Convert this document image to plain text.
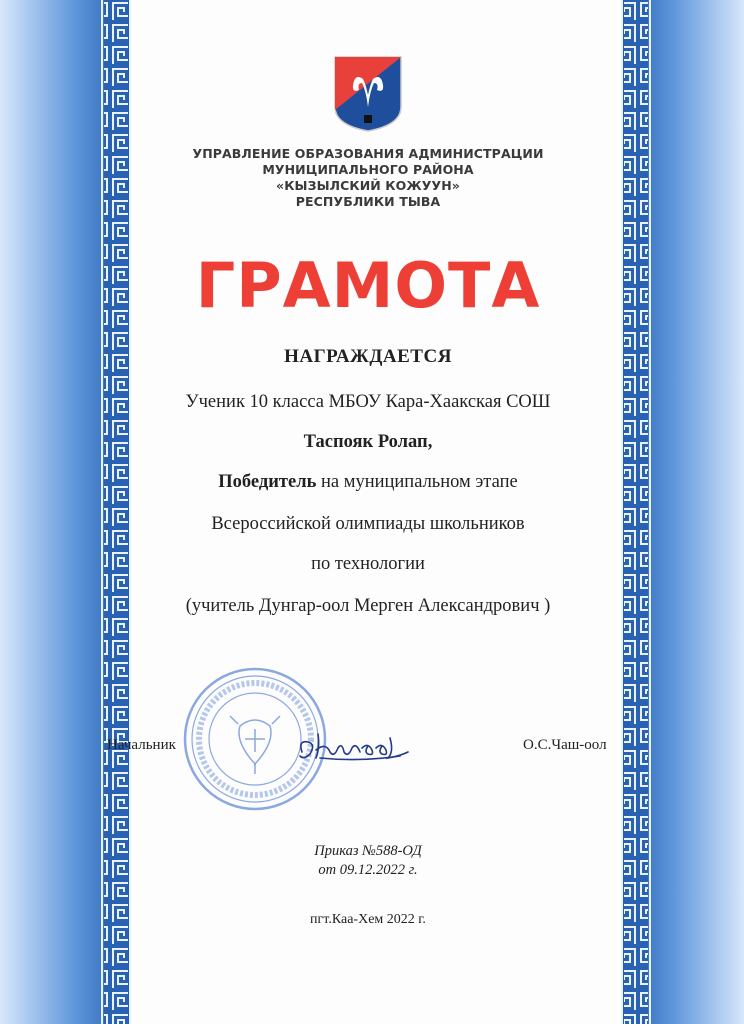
УПРАВЛЕНИЕ ОБРАЗОВАНИЯ АДМИНИСТРАЦИИ
МУНИЦИПАЛЬНОГО РАЙОНА
«КЫЗЫЛСКИЙ КОЖУУН»
РЕСПУБЛИКИ ТЫВА
ГРАМОТА
НАГРАЖДАЕТСЯ
Ученик 10 класса МБОУ Кара-Хаакская СОШ
Таспояк Ролап,
Победитель на муниципальном этапе
Всероссийской олимпиады школьников
по технологии
(учитель Дунгар-оол Мерген Александрович )
Начальник	О.С.Чаш-оол
Приказ №588-ОД
от 09.12.2022 г.
пгт.Каа-Хем 2022 г.
